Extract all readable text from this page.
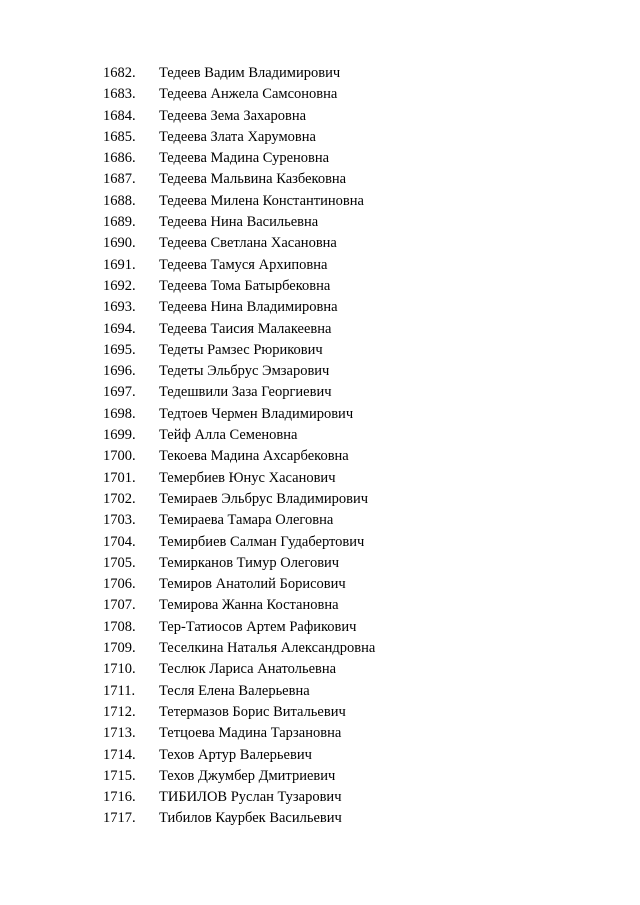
1682. Тедеев Вадим Владимирович
1683. Тедеева Анжела Самсоновна
1684. Тедеева Зема Захаровна
1685. Тедеева Злата Харумовна
1686. Тедеева Мадина Суреновна
1687. Тедеева Мальвина Казбековна
1688. Тедеева Милена Константиновна
1689. Тедеева Нина Васильевна
1690. Тедеева Светлана Хасановна
1691. Тедеева Тамуся Архиповна
1692. Тедеева Тома Батырбековна
1693. Тедеева Нина Владимировна
1694. Тедеева Таисия Малакеевна
1695. Тедеты Рамзес Рюрикович
1696. Тедеты Эльбрус Эмзарович
1697. Тедешвили Заза Георгиевич
1698. Тедтоев Чермен Владимирович
1699. Тейф Алла Семеновна
1700. Текоева Мадина Ахсарбековна
1701. Темербиев Юнус Хасанович
1702. Темираев Эльбрус Владимирович
1703. Темираева Тамара Олеговна
1704. Темирбиев Салман Гудабертович
1705. Темирканов Тимур Олегович
1706. Темиров Анатолий Борисович
1707. Темирова Жанна Костановна
1708. Тер-Татиосов Артем Рафикович
1709. Теселкина Наталья Александровна
1710. Теслюк Лариса Анатольевна
1711. Тесля Елена Валерьевна
1712. Тетермазов Борис Витальевич
1713. Тетцоева Мадина Тарзановна
1714. Техов Артур Валерьевич
1715. Техов Джумбер Дмитриевич
1716. ТИБИЛОВ Руслан Тузарович
1717. Тибилов Каурбек Васильевич
